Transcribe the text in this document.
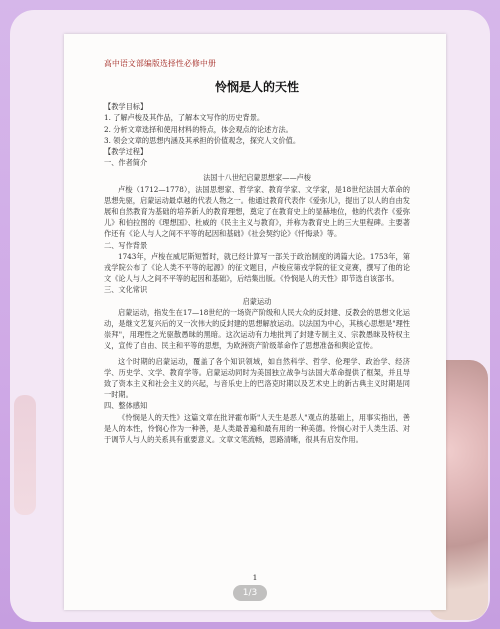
高中语文部编版选择性必修中册
怜悯是人的天性
【教学目标】
1. 了解卢梭及其作品，了解本文写作的历史背景。
2. 分析文章选择和使用材料的特点，体会观点的论述方法。
3. 领会文章的思想内涵及其承担的价值观念，探究人文价值。
【教学过程】
一、作者简介
法国十八世纪启蒙思想家——卢梭

卢梭（1712—1778），法国思想家、哲学家、教育学家、文学家，是18世纪法国大革命的思想先驱，启蒙运动最卓越的代表人物之一。他通过教育代表作《爱弥儿》，提出了以人的自由发展和自然教育为基础的培养新人的教育理想，奠定了在教育史上的显赫地位，他的代表作《爱弥儿》和伯拉图的《理想国》、杜威的《民主主义与教育》，并称为教育史上的三大里程碑。主要著作还有《论人与人之间不平等的起因和基础》《社会契约论》《忏悔录》等。

二、写作背景

1743年，卢梭在威尼斯短暂时，就已经计算写一部关于政治制度的鸿篇大论。1753年，第戎学院公布了《论人类不平等的起源》的征文题目，卢梭应第戎学院的征文竞赛，撰写了他的论文《论人与人之间不平等的起因和基础》，后结集出版。《怜悯是人的天性》即节选自该部书。

三、文化常识
启蒙运动

启蒙运动，指发生在17—18世纪的一场资产阶级和人民大众的反封建、反教会的思想文化运动，是继文艺复兴后的又一次伟大的反封建的思想解放运动。以法国为中心，其核心思想是"理性崇拜"，用理性之光驱散愚昧的黑暗。这次运动有力地批判了封建专制主义、宗教愚昧及特权主义，宣传了自由、民主和平等的思想，为欧洲资产阶级革命作了思想准备和舆论宣传。

这个时期的启蒙运动，覆盖了各个知识领域，如自然科学、哲学、伦理学、政治学、经济学、历史学、文学、教育学等。启蒙运动同时为美国独立战争与法国大革命提供了框架，并且导致了资本主义和社会主义的兴起，与音乐史上的巴洛克时期以及艺术史上的新古典主义时期是同一时期。

四、整体感知

《怜悯是人的天性》这篇文章在批评霍布斯"人天生是恶人"观点的基础上，用事实指出，善是人的本性，怜悯心作为一种善，是人类最普遍和最有用的一种美德。怜悯心对于人类生活、对于调节人与人的关系具有重要意义。文章文笔流畅，思路清晰，很具有启发作用。

1
1/3
